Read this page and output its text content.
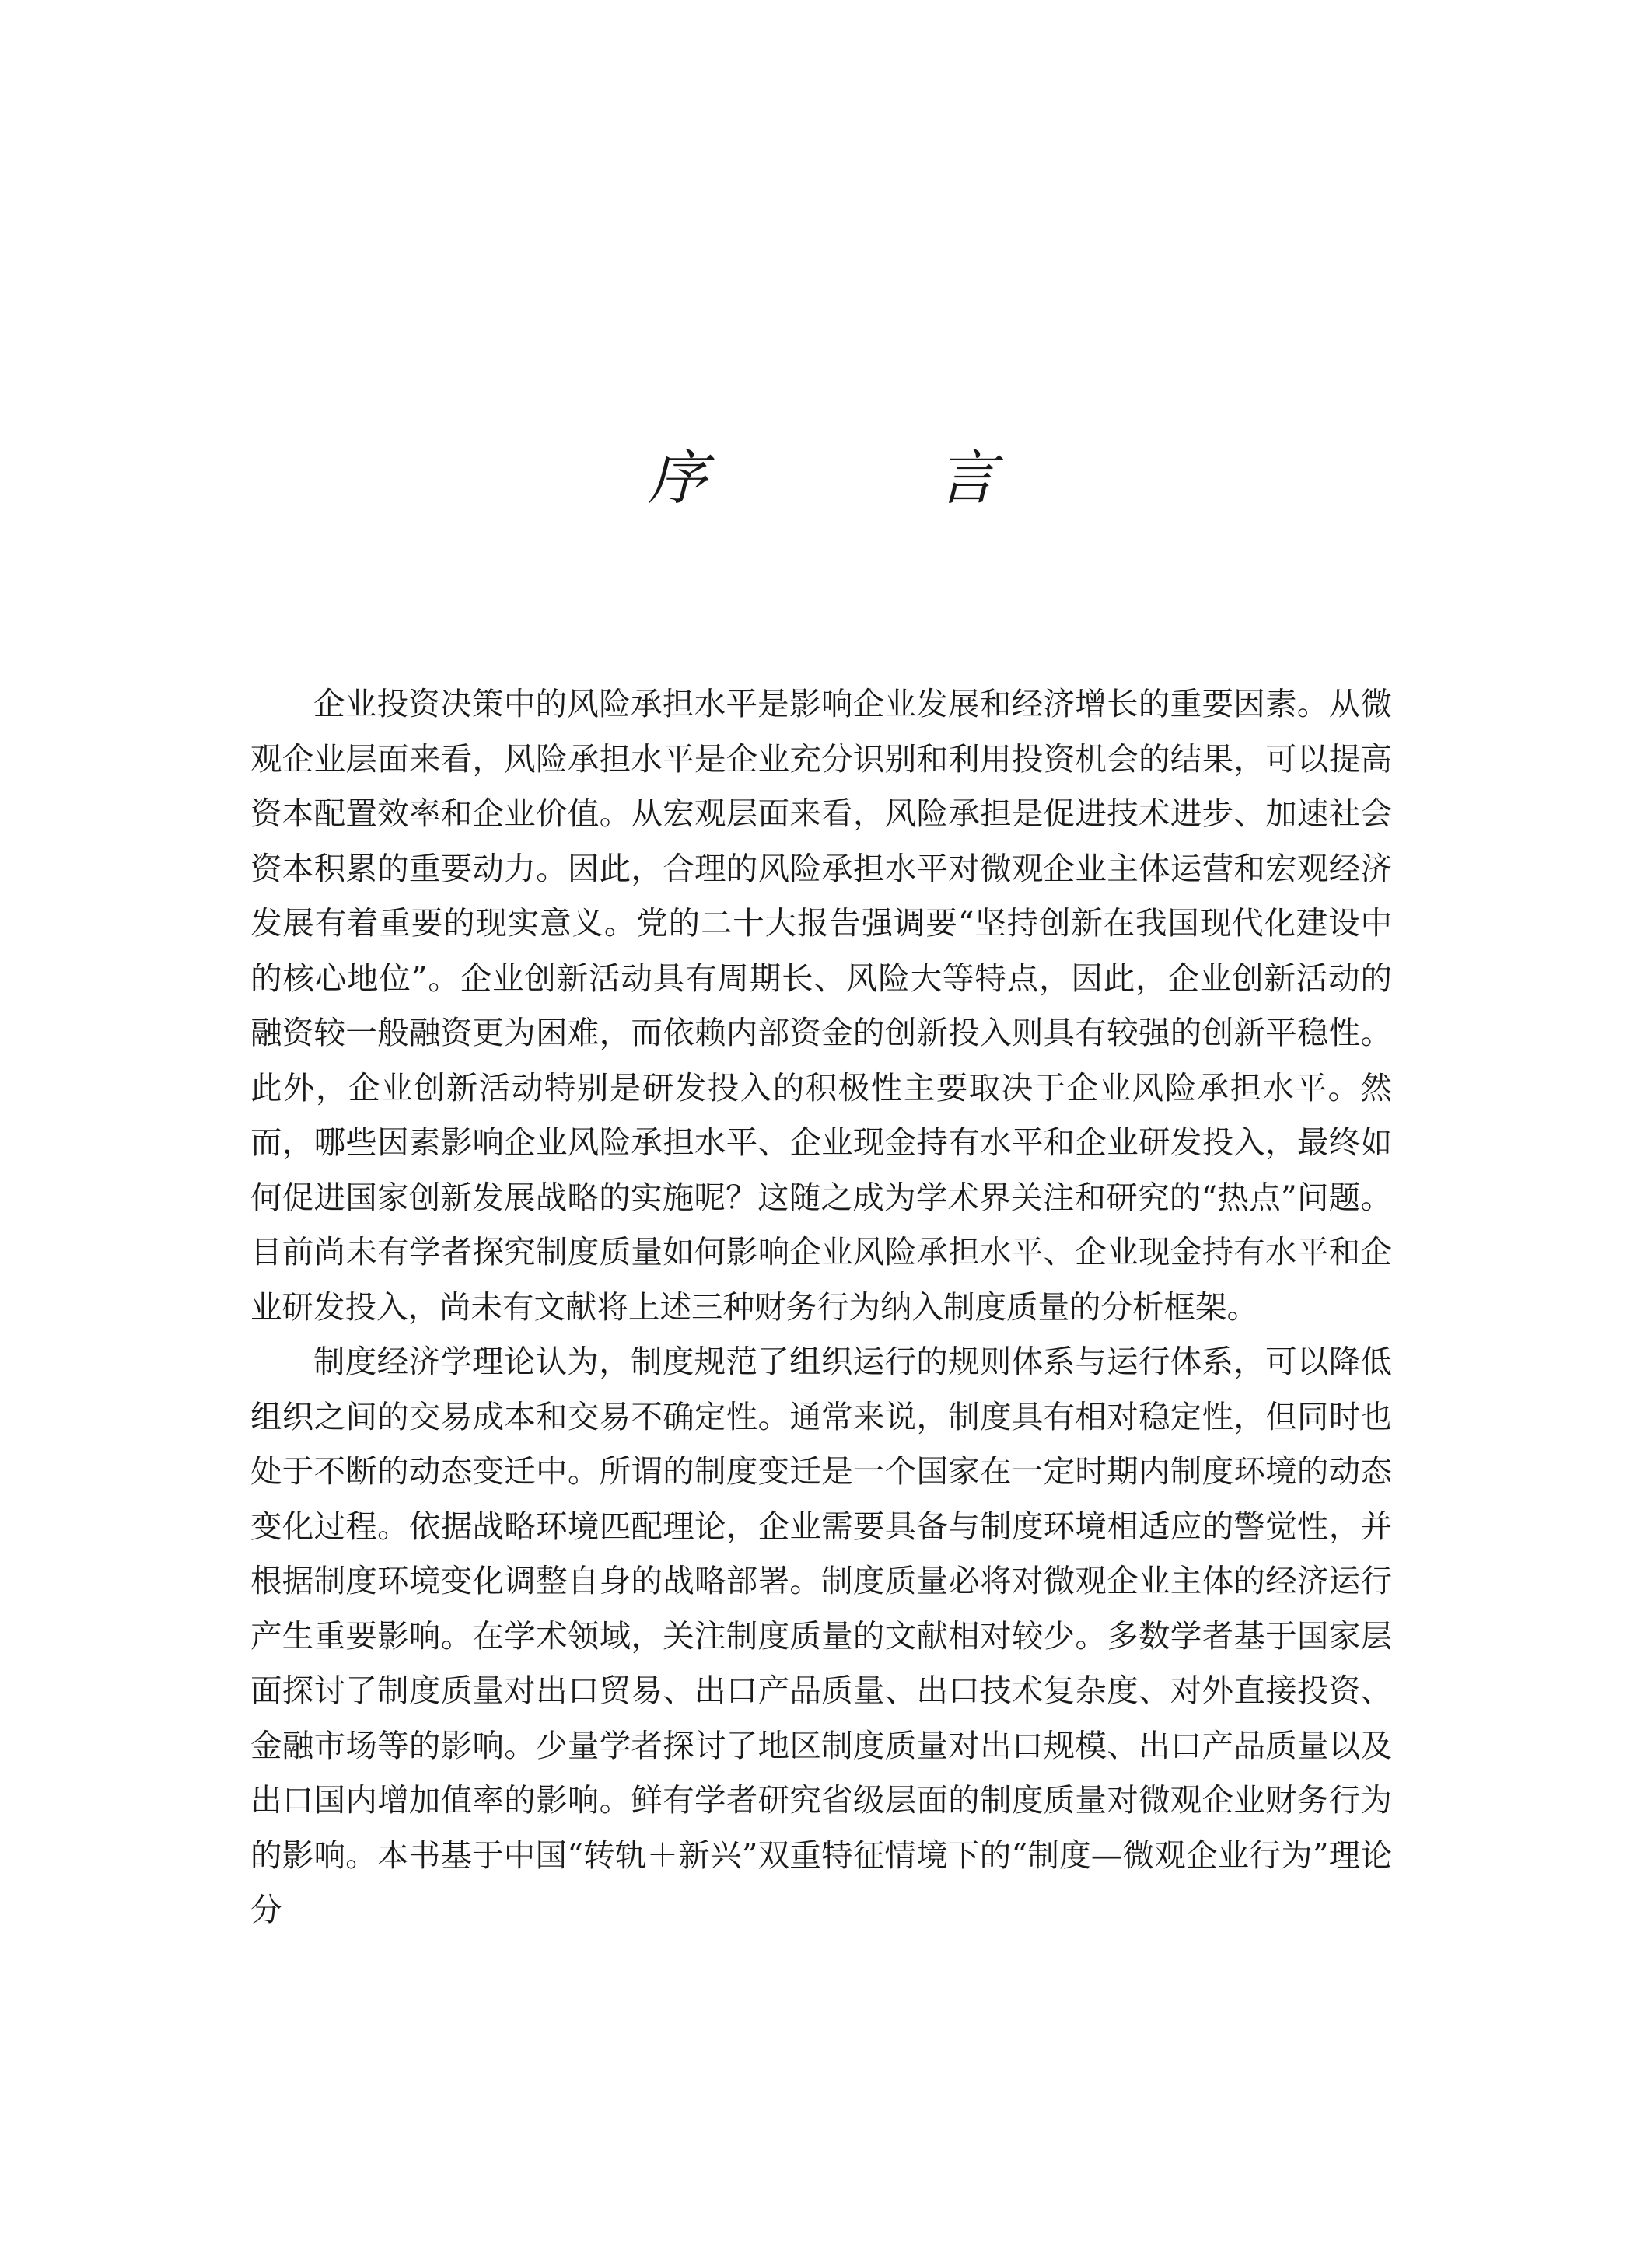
序　言

企业投资决策中的风险承担水平是影响企业发展和经济增长的重要因素。从微观企业层面来看，风险承担水平是企业充分识别和利用投资机会的结果，可以提高资本配置效率和企业价值。从宏观层面来看，风险承担是促进技术进步、加速社会资本积累的重要动力。因此，合理的风险承担水平对微观企业主体运营和宏观经济发展有着重要的现实意义。党的二十大报告强调要“坚持创新在我国现代化建设中的核心地位”。企业创新活动具有周期长、风险大等特点，因此，企业创新活动的融资较一般融资更为困难，而依赖内部资金的创新投入则具有较强的创新平稳性。此外，企业创新活动特别是研发投入的积极性主要取决于企业风险承担水平。然而，哪些因素影响企业风险承担水平、企业现金持有水平和企业研发投入，最终如何促进国家创新发展战略的实施呢？这随之成为学术界关注和研究的“热点”问题。目前尚未有学者探究制度质量如何影响企业风险承担水平、企业现金持有水平和企业研发投入，尚未有文献将上述三种财务行为纳入制度质量的分析框架。

制度经济学理论认为，制度规范了组织运行的规则体系与运行体系，可以降低组织之间的交易成本和交易不确定性。通常来说，制度具有相对稳定性，但同时也处于不断的动态变迁中。所谓的制度变迁是一个国家在一定时期内制度环境的动态变化过程。依据战略环境匹配理论，企业需要具备与制度环境相适应的警觉性，并根据制度环境变化调整自身的战略部署。制度质量必将对微观企业主体的经济运行产生重要影响。在学术领域，关注制度质量的文献相对较少。多数学者基于国家层面探讨了制度质量对出口贸易、出口产品质量、出口技术复杂度、对外直接投资、金融市场等的影响。少量学者探讨了地区制度质量对出口规模、出口产品质量以及出口国内增加值率的影响。鲜有学者研究省级层面的制度质量对微观企业财务行为的影响。本书基于中国“转轨＋新兴”双重特征情境下的“制度—微观企业行为”理论分
